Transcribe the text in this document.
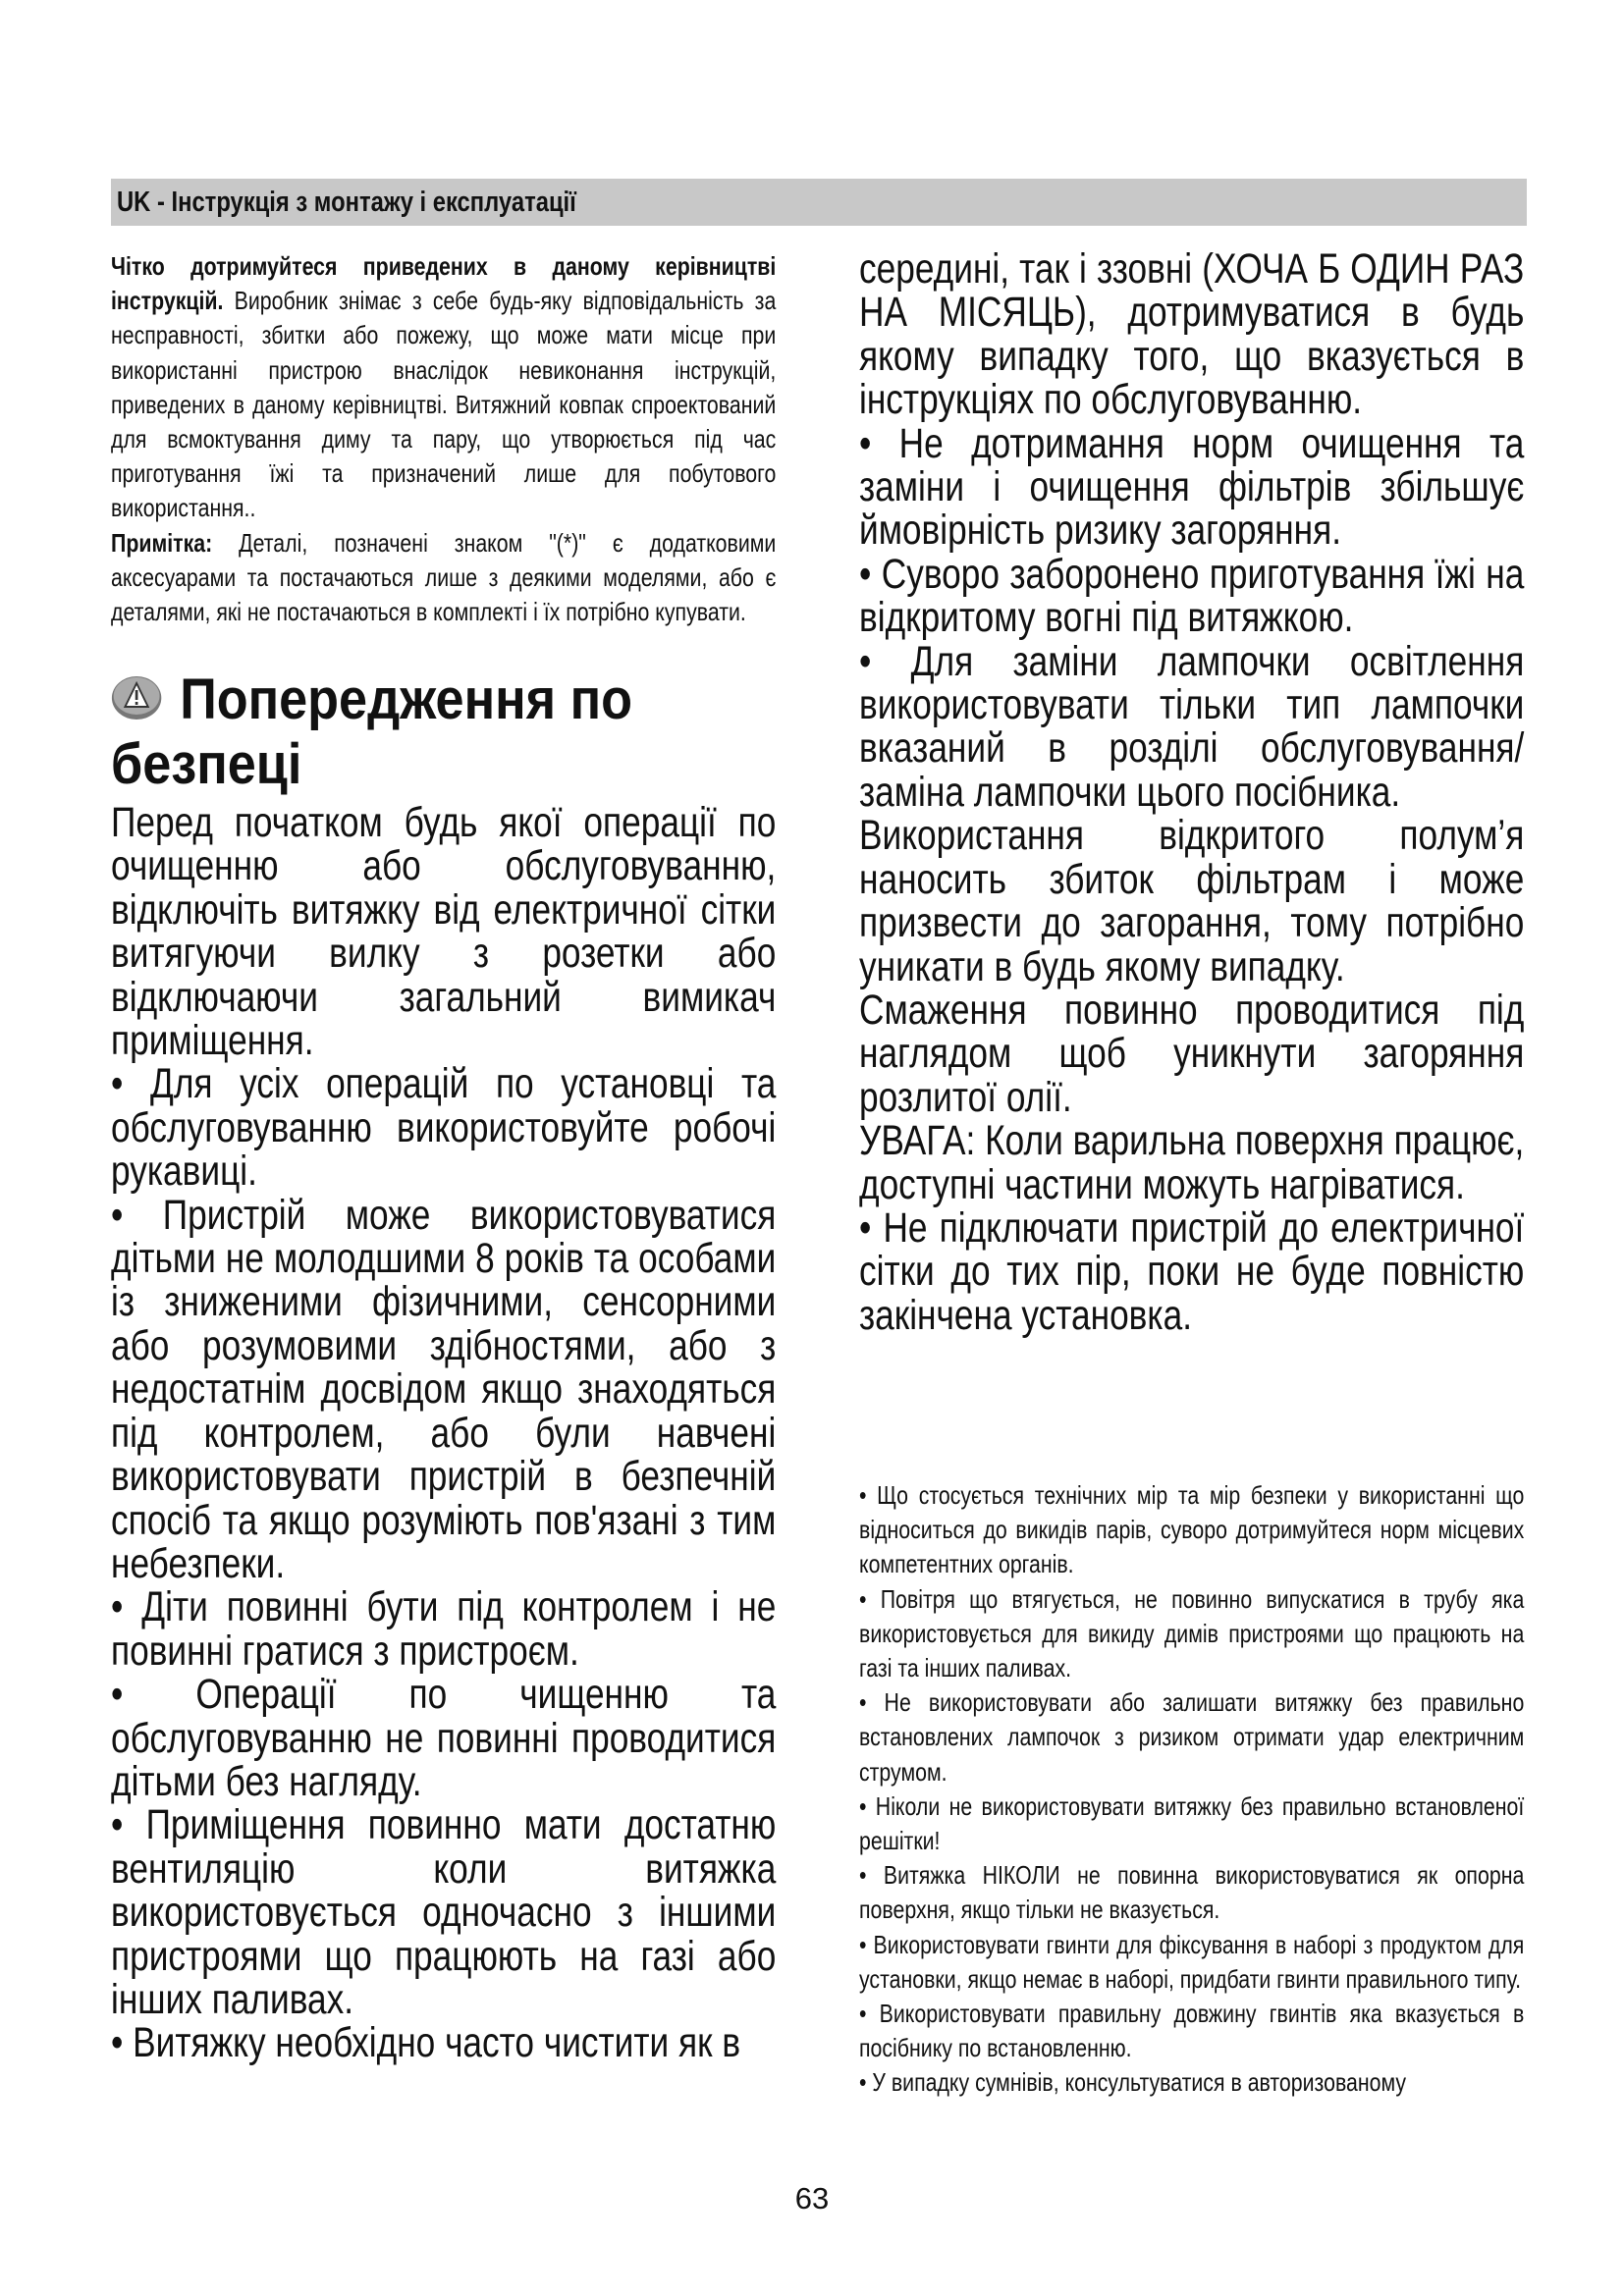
UK - Інструкція з монтажу і експлуатації

Чітко дотримуйтеся приведених в даному керівництві інструкцій. Виробник знімає з себе будь-яку відповідальність за несправності, збитки або пожежу, що може мати місце при використанні пристрою внаслідок невиконання інструкцій, приведених в даному керівництві. Витяжний ковпак спроектований для всмоктування диму та пару, що утворюється під час приготування їжі та призначений лише для побутового використання..

Примітка: Деталі, позначені знаком "(*)" є додатковими аксесуарами та постачаються лише з деякими моделями, або є деталями, які не постачаються в комплекті і їх потрібно купувати.

Попередження по безпеці

Перед початком будь якої операції по очищенню або обслуговуванню, відключіть витяжку від електричної сітки витягуючи вилку з розетки або відключаючи загальний вимикач приміщення.

• Для усіх операцій по установці та обслуговуванню використовуйте робочі рукавиці.

• Пристрій може використовуватися дітьми не молодшими 8 років та особами із зниженими фізичними, сенсорними або розумовими здібностями, або з недостатнім досвідом якщо знаходяться під контролем, або були навчені використовувати пристрій в безпечній спосіб та якщо розуміють пов'язані з тим небезпеки.

• Діти повинні бути під контролем і не повинні гратися з пристроєм.

• Операції по чищенню та обслуговуванню не повинні проводитися дітьми без нагляду.

• Приміщення повинно мати достатню вентиляцію коли витяжка використовується одночасно з іншими пристроями що працюють на газі або інших паливах.

• Витяжку необхідно часто чистити як в

середині, так і ззовні (ХОЧА Б ОДИН РАЗ НА МІСЯЦЬ), дотримуватися в будь якому випадку того, що вказується в інструкціях по обслуговуванню.

• Не дотримання норм очищення та заміни і очищення фільтрів збільшує ймовірність ризику загоряння.

• Суворо заборонено приготування їжі на відкритому вогні під витяжкою.

• Для заміни лампочки освітлення використовувати тільки тип лампочки вказаний в розділі обслуговування/заміна лампочки цього посібника.

Використання відкритого полум’я наносить збиток фільтрам і може призвести до загорання, тому потрібно уникати в будь якому випадку.

Смаження повинно проводитися під наглядом щоб уникнути загоряння розлитої олії.

УВАГА: Коли варильна поверхня працює, доступні частини можуть нагріватися.

• Не підключати пристрій до електричної сітки до тих пір, поки не буде повністю закінчена установка.

• Що стосується технічних мір та мір безпеки у використанні що відноситься до викидів парів, суворо дотримуйтеся норм місцевих компетентних органів.

• Повітря що втягується, не повинно випускатися в трубу яка використовується для викиду димів пристроями що працюють на газі та інших паливах.

• Не використовувати або залишати витяжку без правильно встановлених лампочок з ризиком отримати удар електричним струмом.

• Ніколи не використовувати витяжку без правильно встановленої решітки!

• Витяжка НІКОЛИ не повинна використовуватися як опорна поверхня, якщо тільки не вказується.

• Використовувати гвинти для фіксування в наборі з продуктом для установки, якщо немає в наборі, придбати гвинти правильного типу.

• Використовувати правильну довжину гвинтів яка вказується в посібнику по встановленню.

• У випадку сумнівів, консультуватися в авторизованому

63
